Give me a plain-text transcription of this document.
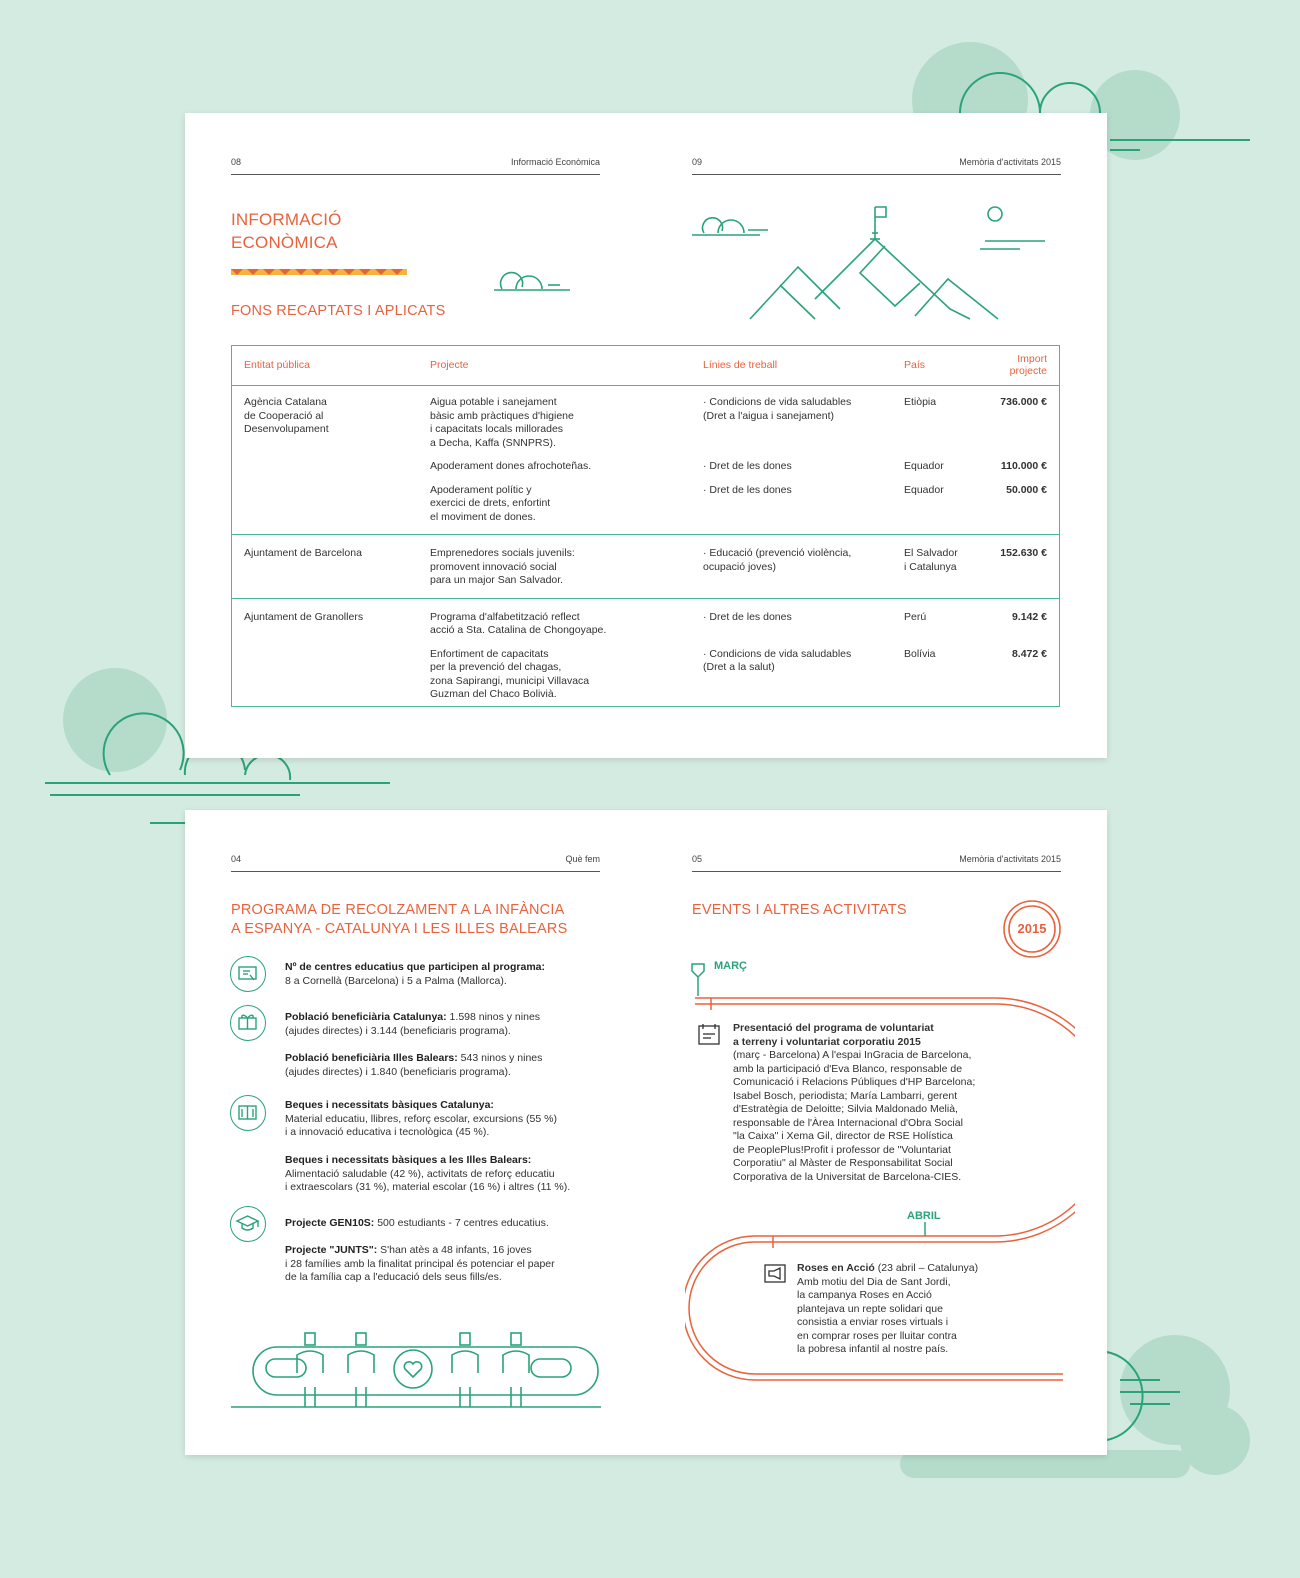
08	Informació Econòmica	09	Memòria d'activitats 2015
INFORMACIÓ
ECONÒMICA
FONS RECAPTATS I APLICATS
Entitat pública	Projecte	Línies de treball	País	Import projecte
Agència Catalana
de Cooperació al
Desenvolupament	Aigua potable i sanejament
bàsic amb pràctiques d'higiene
i capacitats locals millorades
a Decha, Kaffa (SNNPRS).	· Condicions de vida saludables
(Dret a l'aigua i sanejament)	Etiòpia	736.000 €

	Apoderament dones afrochoteñas.	· Dret de les dones	Equador	110.000 €

	Apoderament polític y
exercici de drets, enfortint
el moviment de dones.	· Dret de les dones	Equador	50.000 €
Ajuntament de Barcelona	Emprenedores socials juvenils:
promovent innovació social
para un major San Salvador.	· Educació (prevenció violència,
ocupació joves)	El Salvador
i Catalunya	152.630 €
Ajuntament de Granollers	Programa d'alfabetització reflect
acció a Sta. Catalina de Chongoyape.	· Dret de les dones	Perú	9.142 €

	Enfortiment de capacitats
per la prevenció del chagas,
zona Sapirangi, municipi Villavaca
Guzman del Chaco Bolivià.	· Condicions de vida saludables
(Dret a la salut)	Bolívia	8.472 €
04	Què fem	05	Memòria d'activitats 2015
PROGRAMA DE RECOLZAMENT A LA INFÀNCIA
A ESPANYA - CATALUNYA I LES ILLES BALEARS
Nº de centres educatius que participen al programa:
8 a Cornellà (Barcelona) i 5 a Palma (Mallorca).
Població beneficiària Catalunya: 1.598 ninos y nines
(ajudes directes) i 3.144 (beneficiaris programa).
Població beneficiària Illes Balears: 543 ninos y nines
(ajudes directes) i 1.840 (beneficiaris programa).
Beques i necessitats bàsiques Catalunya:
Material educatiu, llibres, reforç escolar, excursions (55 %)
i a innovació educativa i tecnològica (45 %).
Beques i necessitats bàsiques a les Illes Balears:
Alimentació saludable (42 %), activitats de reforç educatiu
i extraescolars (31 %), material escolar (16 %) i altres (11 %).
Projecte GEN10S: 500 estudiants - 7 centres educatius.
Projecte "JUNTS": S'han atès a 48 infants, 16 joves
i 28 famílies amb la finalitat principal és potenciar el paper
de la família cap a l'educació dels seus fills/es.
EVENTS I ALTRES ACTIVITATS
2015
MARÇ
ABRIL
Presentació del programa de voluntariat
a terreny i voluntariat corporatiu 2015
(març - Barcelona) A l'espai InGracia de Barcelona,
amb la participació d'Eva Blanco, responsable de
Comunicació i Relacions Públiques d'HP Barcelona;
Isabel Bosch, periodista; María Lambarri, gerent
d'Estratègia de Deloitte; Silvia Maldonado Melià,
responsable de l'Àrea Internacional d'Obra Social
"la Caixa" i Xema Gil, director de RSE Holística
de PeoplePlus!Profit i professor de "Voluntariat
Corporatiu" al Màster de Responsabilitat Social
Corporativa de la Universitat de Barcelona-CIES.
Roses en Acció (23 abril – Catalunya)
Amb motiu del Dia de Sant Jordi,
la campanya Roses en Acció
plantejava un repte solidari que
consistia a enviar roses virtuals i
en comprar roses per lluitar contra
la pobresa infantil al nostre país.
